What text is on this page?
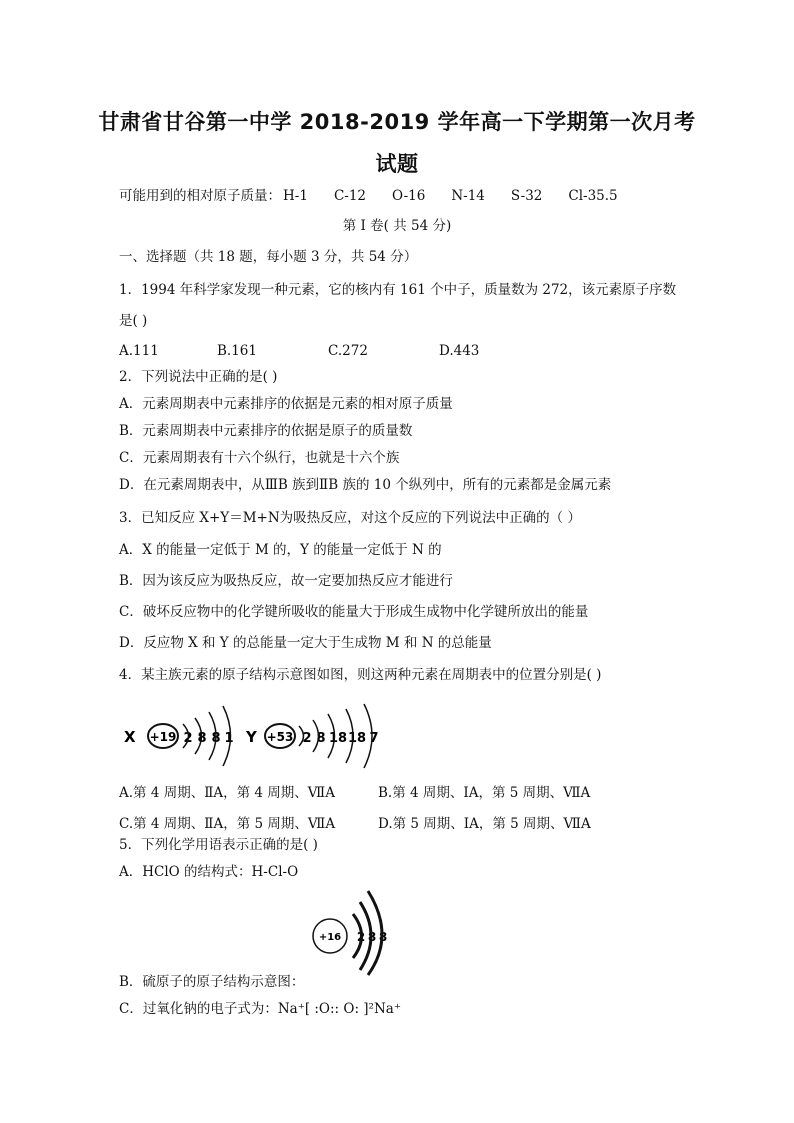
甘肃省甘谷第一中学 2018-2019 学年高一下学期第一次月考
试题
可能用到的相对原子质量： H-1 C-12 O-16 N-14 S-32 Cl-35.5
第 I 卷( 共 54 分)
一、选择题（共 18 题，每小题 3 分，共 54 分）
1．1994 年科学家发现一种元素，它的核内有 161 个中子，质量数为 272，该元素原子序数
是( )
A.111	B.161	C.272	D.443
2．下列说法中正确的是( )
A．元素周期表中元素排序的依据是元素的相对原子质量
B．元素周期表中元素排序的依据是原子的质量数
C．元素周期表有十六个纵行，也就是十六个族
D．在元素周期表中，从ⅢB 族到ⅡB 族的 10 个纵列中，所有的元素都是金属元素
3．已知反应 X+Y＝M+N为吸热反应，对这个反应的下列说法中正确的（ ）
A．X 的能量一定低于 M 的，Y 的能量一定低于 N 的
B．因为该反应为吸热反应，故一定要加热反应才能进行
C．破坏反应物中的化学键所吸收的能量大于形成生成物中化学键所放出的能量
D．反应物 X 和 Y 的总能量一定大于生成物 M 和 N 的总能量
4．某主族元素的原子结构示意图如图，则这两种元素在周期表中的位置分别是( )
X +19 2 8 8 1 Y +53 2 8 18 18 7
A.第 4 周期、ⅡA，第 4 周期、ⅦA	B.第 4 周期、ⅠA，第 5 周期、ⅦA
C.第 4 周期、ⅡA，第 5 周期、ⅦA	D.第 5 周期、ⅠA，第 5 周期、ⅦA
5．下列化学用语表示正确的是( )
A．HClO 的结构式：H-Cl-O
+16 2 8 8
B．硫原子的原子结构示意图：
C．过氧化钠的电子式为：Na⁺[ :O:: O: ]²Na⁺
